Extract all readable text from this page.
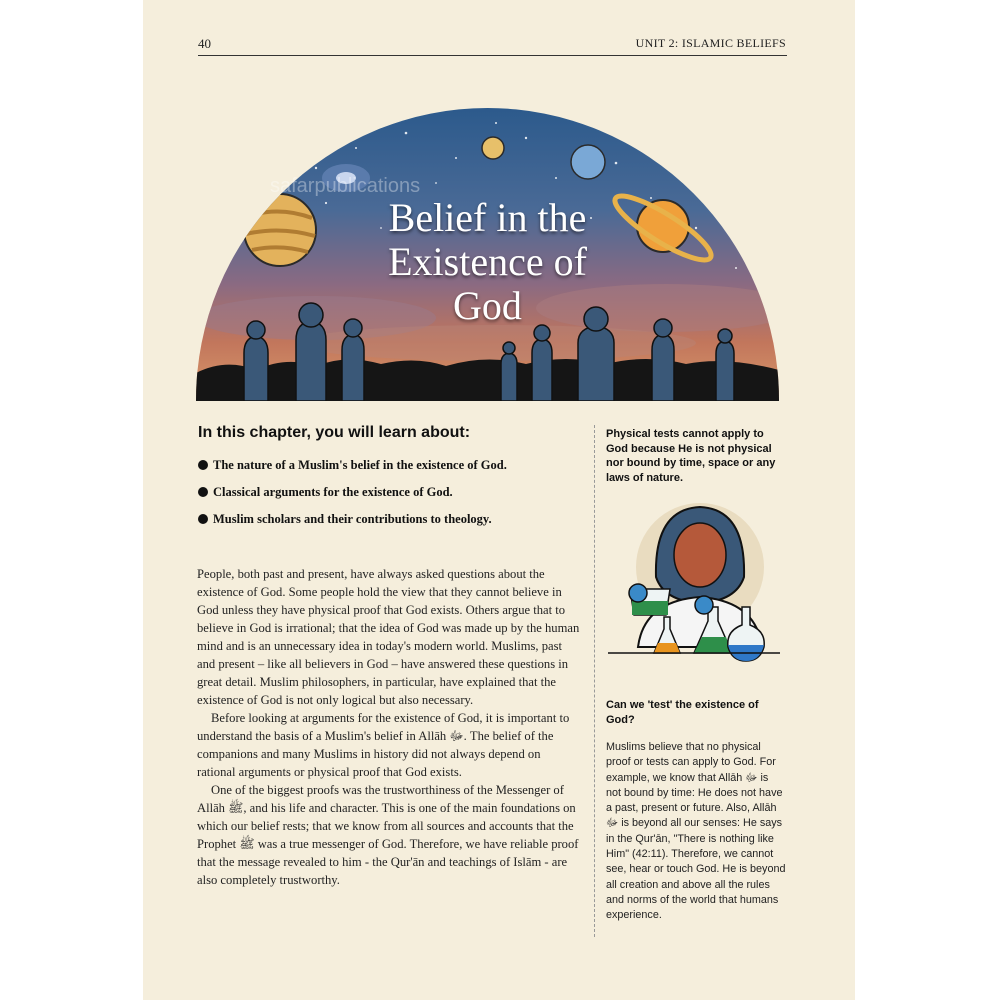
40	UNIT 2: ISLAMIC BELIEFS
Belief in the
Existence of
God
safarpublications
In this chapter, you will learn about:
The nature of a Muslim's belief in the existence of God.
Classical arguments for the existence of God.
Muslim scholars and their contributions to theology.

People, both past and present, have always asked questions about the existence of God. Some people hold the view that they cannot believe in God unless they have physical proof that God exists. Others argue that to believe in God is irrational; that the idea of God was made up by the human mind and is an unnecessary idea in today's modern world. Muslims, past and present – like all believers in God – have answered these questions in great detail. Muslim philosophers, in particular, have explained that the existence of God is not only logical but also necessary.

Before looking at arguments for the existence of God, it is important to understand the basis of a Muslim's belief in Allāh ﷻ. The belief of the companions and many Muslims in history did not always depend on rational arguments or physical proof that God exists.

One of the biggest proofs was the trustworthiness of the Messenger of Allāh ﷺ, and his life and character. This is one of the main foundations on which our belief rests; that we know from all sources and accounts that the Prophet ﷺ was a true messenger of God. Therefore, we have reliable proof that the message revealed to him - the Qur'ān and teachings of Islām - are also completely trustworthy.

Physical tests cannot apply to God because He is not physical nor bound by time, space or any laws of nature.
Can we 'test' the existence of God?
Muslims believe that no physical proof or tests can apply to God. For example, we know that Allāh ﷻ is not bound by time: He does not have a past, present or future. Also, Allāh ﷻ is beyond all our senses: He says in the Qur'ān, "There is nothing like Him" (42:11). Therefore, we cannot see, hear or touch God. He is beyond all creation and above all the rules and norms of the world that humans experience.
